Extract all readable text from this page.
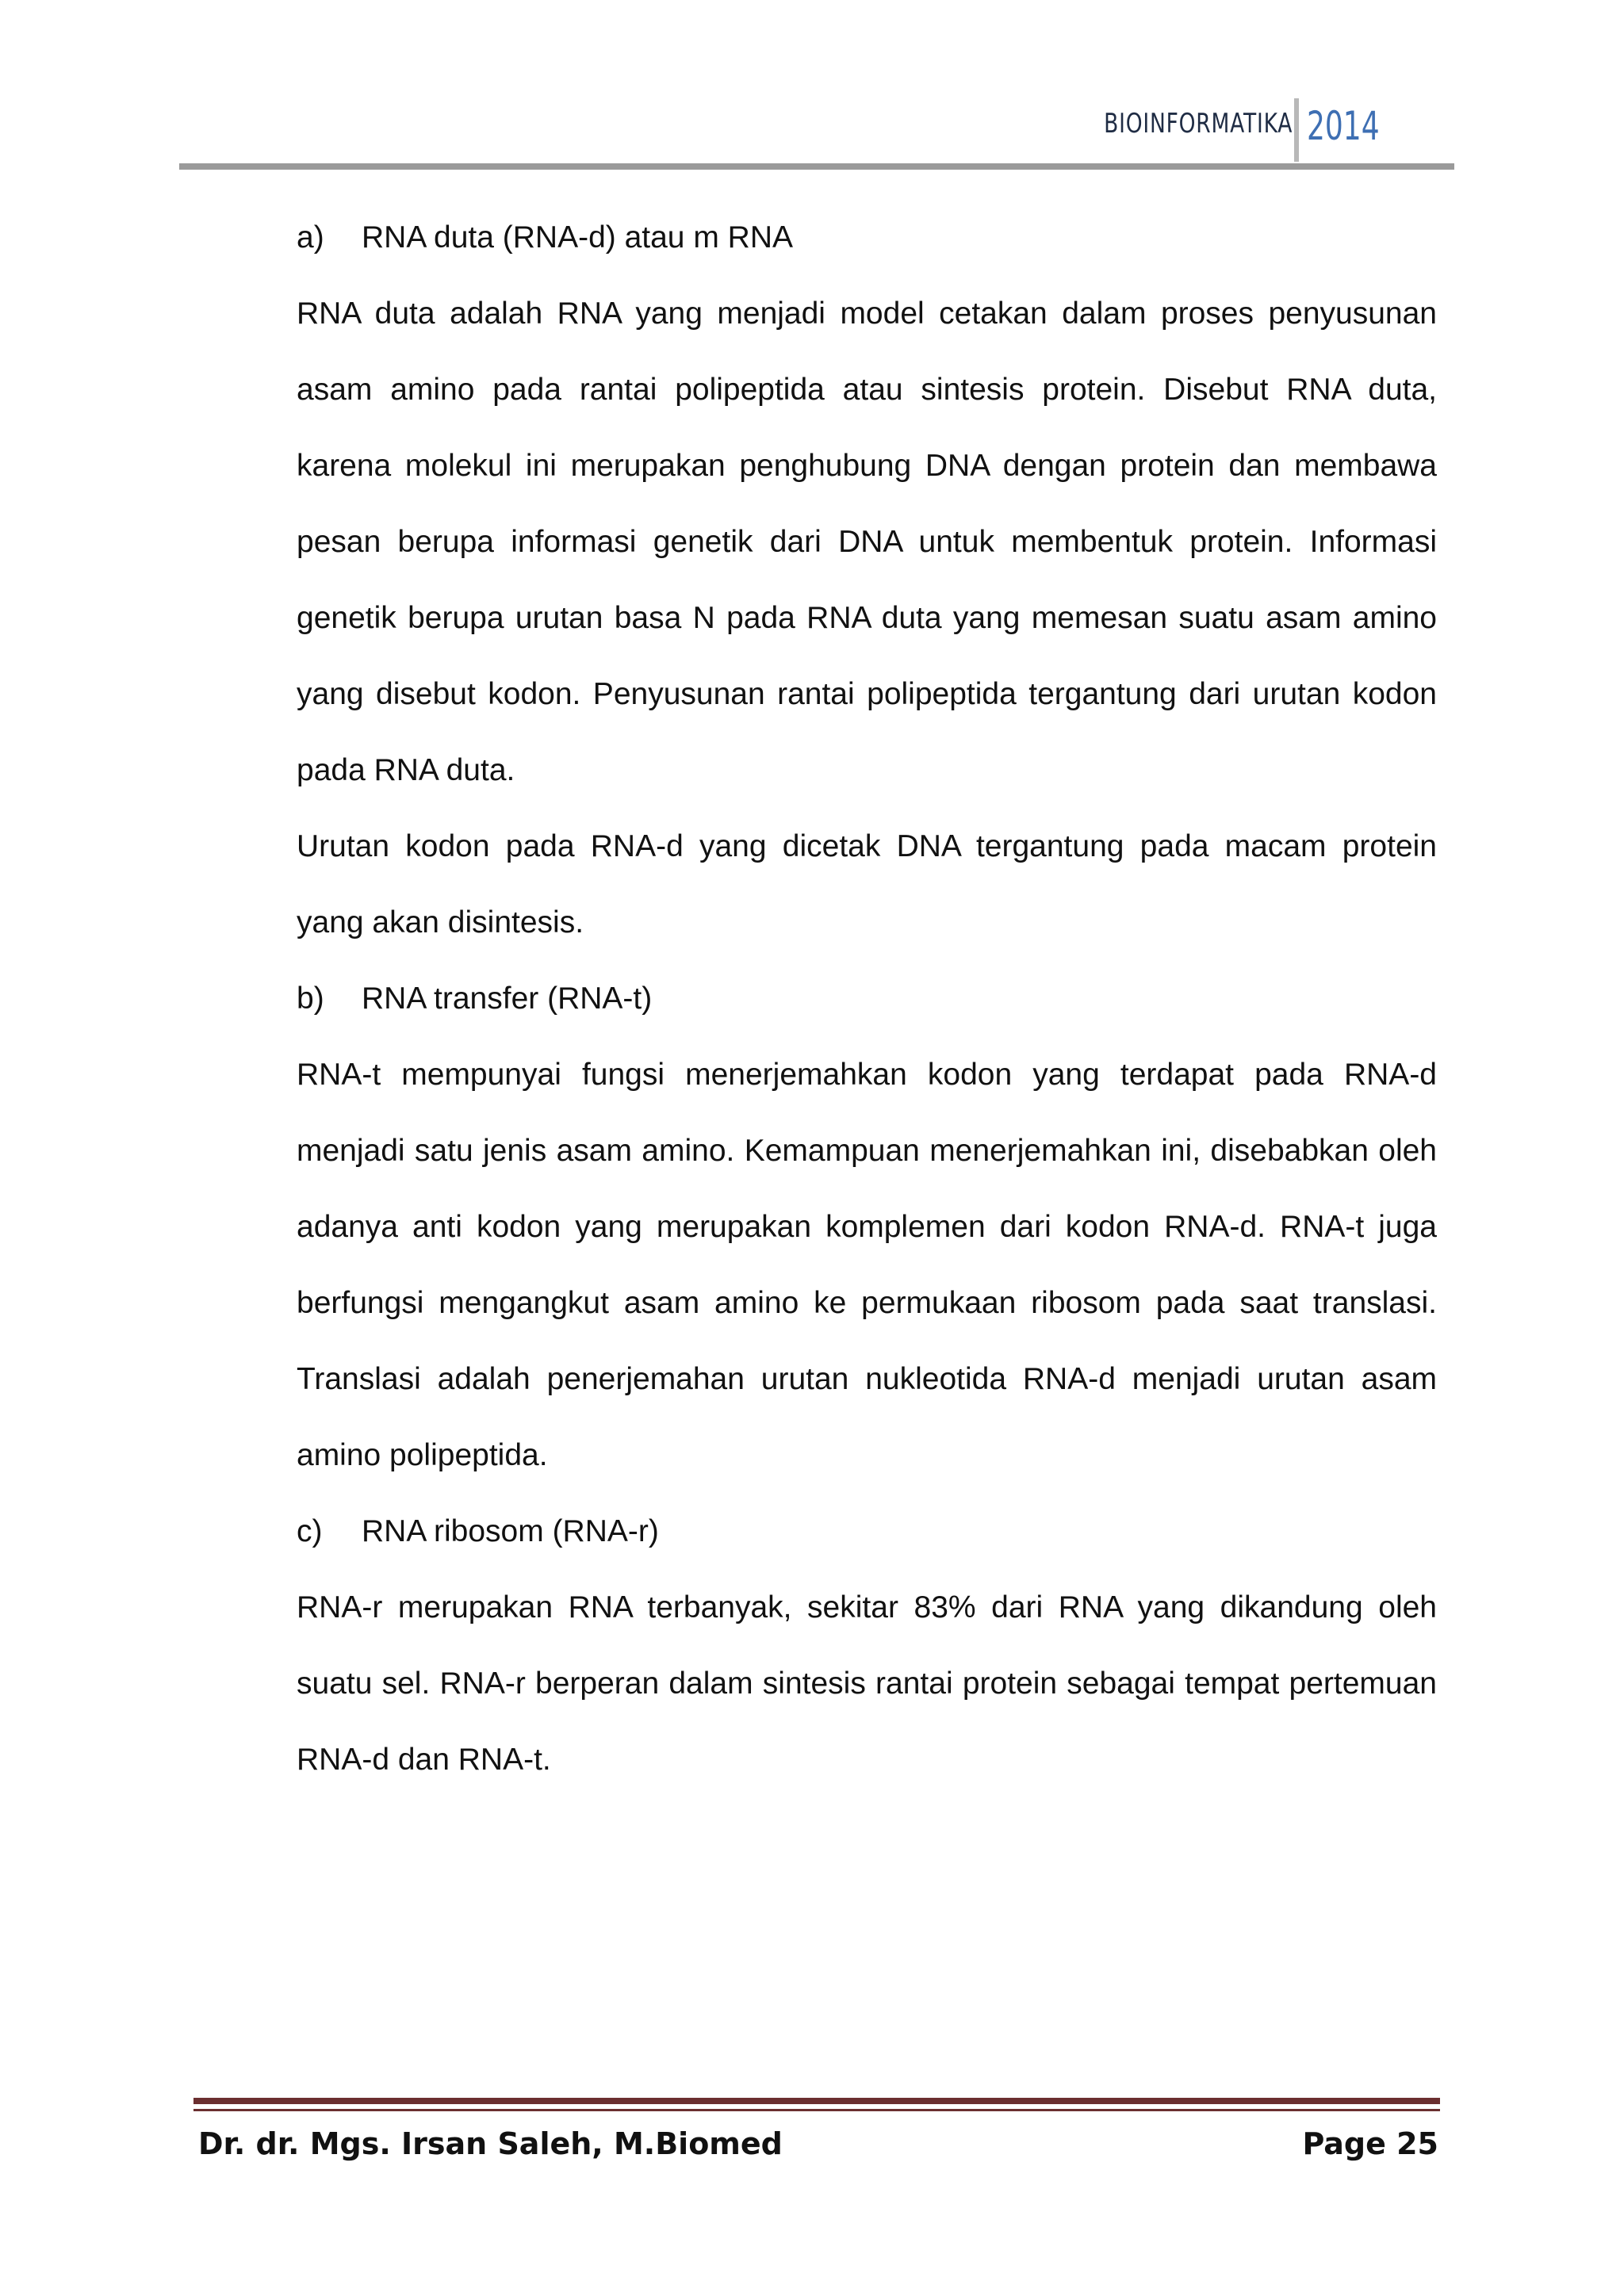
BIOINFORMATIKA 2014
a)	RNA duta (RNA-d) atau m RNA

RNA duta adalah RNA yang menjadi model cetakan dalam proses penyusunan asam amino pada rantai polipeptida atau sintesis protein. Disebut RNA duta, karena molekul ini merupakan penghubung DNA dengan protein dan membawa pesan berupa informasi genetik dari DNA untuk membentuk protein. Informasi genetik berupa urutan basa N pada RNA duta yang memesan suatu asam amino yang disebut kodon. Penyusunan rantai polipeptida tergantung dari urutan kodon pada RNA duta.

Urutan kodon pada RNA-d yang dicetak DNA tergantung pada macam protein yang akan disintesis.

b)	RNA transfer (RNA-t)

RNA-t mempunyai fungsi menerjemahkan kodon yang terdapat pada RNA-d menjadi satu jenis asam amino. Kemampuan menerjemahkan ini, disebabkan oleh adanya anti kodon yang merupakan komplemen dari kodon RNA-d. RNA-t juga berfungsi mengangkut asam amino ke permukaan ribosom pada saat translasi. Translasi adalah penerjemahan urutan nukleotida RNA-d menjadi urutan asam amino polipeptida.

c)	RNA ribosom (RNA-r)

RNA-r merupakan RNA terbanyak, sekitar 83% dari RNA yang dikandung oleh suatu sel. RNA-r berperan dalam sintesis rantai protein sebagai tempat pertemuan RNA-d dan RNA-t.

Dr. dr. Mgs. Irsan Saleh, M.Biomed	Page 25
